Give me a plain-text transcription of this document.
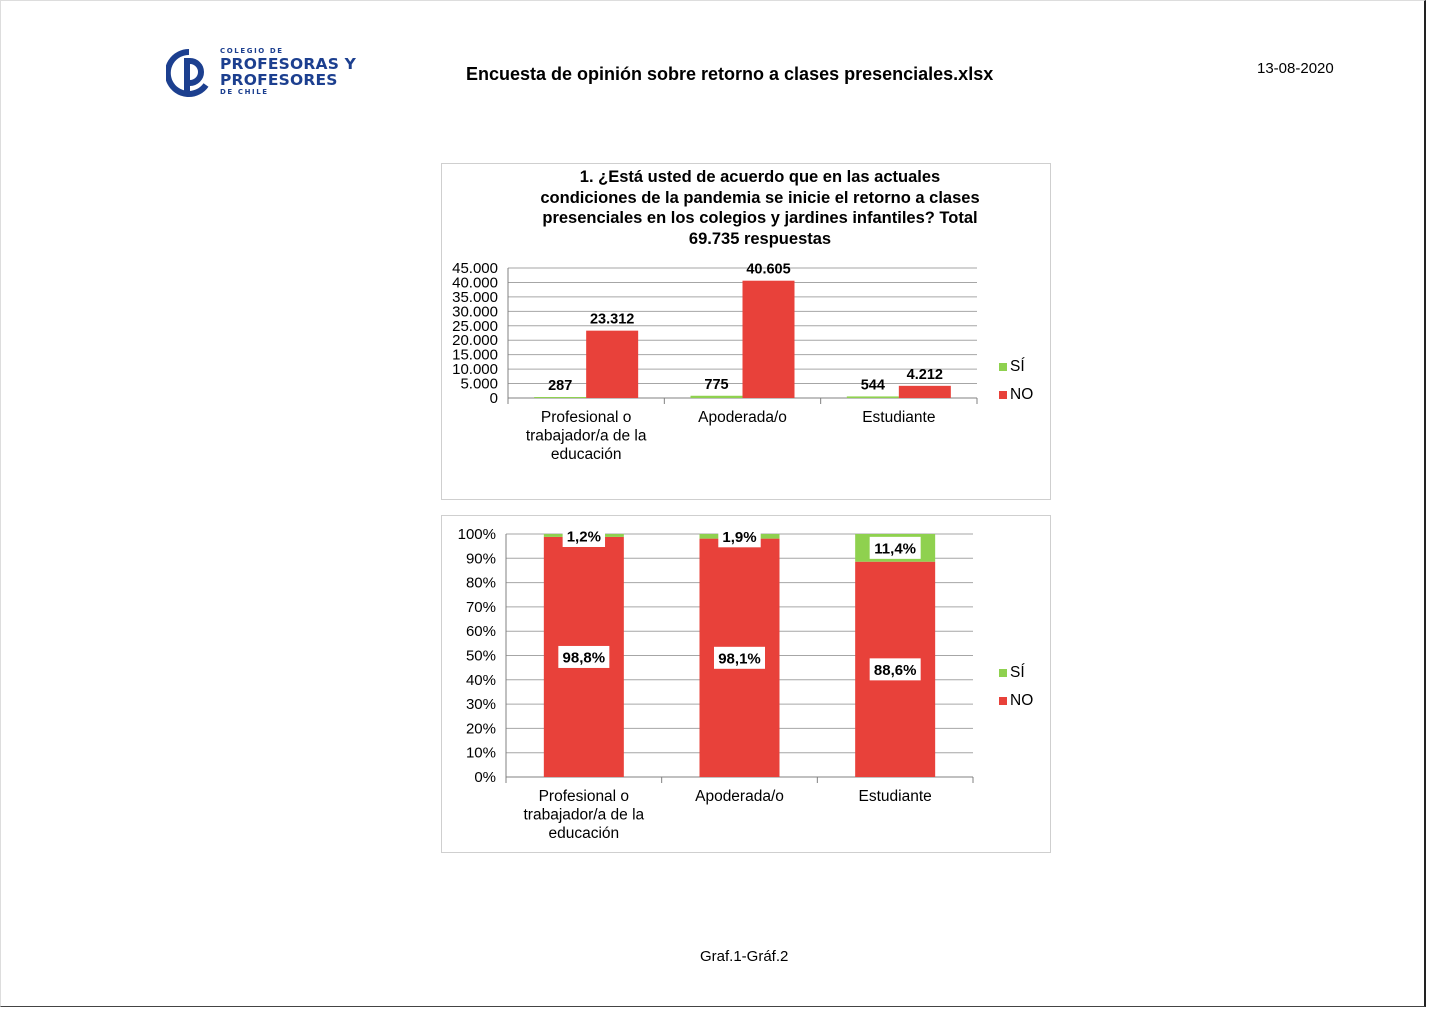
COLEGIO DE
PROFESORAS Y
PROFESORES
DE CHILE
Encuesta de opinión sobre retorno a clases presenciales.xlsx	13-08-2020
1. ¿Está usted de acuerdo que en las actuales
condiciones de la pandemia se inicie el retorno a clases
presenciales en los colegios y jardines infantiles? Total
69.735 respuestas
0
5.000
10.000
15.000
20.000
25.000
30.000
35.000
40.000
45.000
Profesional o
trabajador/a de la
educación
Apoderada/o	Estudiante
SÍ
NO
287	775	544
23.312
40.605
4.212
0%
10%
20%
30%
40%
50%
60%
70%
80%
90%
100%
Profesional o
trabajador/a de la
educación
Apoderada/o	Estudiante
SÍ
NO
98,8%
1,2%
98,1%
1,9%
88,6%
11,4%
Graf.1-Gráf.2
